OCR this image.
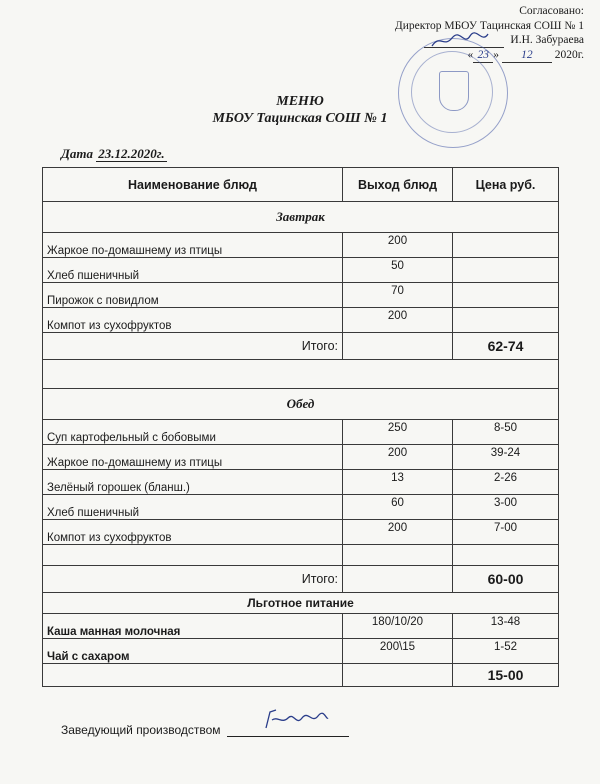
Согласовано:
Директор МБОУ Тацинская СОШ № 1
И.Н. Забураева
« 23 » 12 2020г.
МЕНЮ
МБОУ Тацинская СОШ № 1
Дата 23.12.2020г.
Наименование блюд	Выход блюд	Цена руб.
Завтрак		
Жаркое по-домашнему из птицы	200	
Хлеб пшеничный	50	
Пирожок с повидлом	70	
Компот из сухофруктов	200	
Итого:		62-74

Обед		
Суп картофельный с бобовыми	250	8-50
Жаркое по-домашнему из птицы	200	39-24
Зелёный горошек (бланш.)	13	2-26
Хлеб пшеничный	60	3-00
Компот из сухофруктов	200	7-00

Итого:		60-00
Льготное питание		
Каша манная молочная	180/10/20	13-48
Чай с сахаром	200\15	1-52
		15-00
Заведующий производством
